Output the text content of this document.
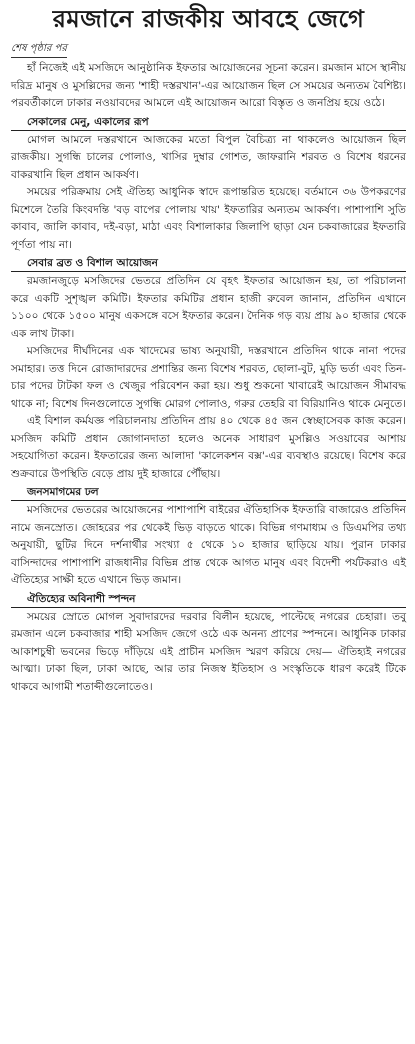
রমজানে রাজকীয় আবহে জেগে
শেষ পৃষ্ঠার পর

হাঁ নিজেই এই মসজিদে আনুষ্ঠানিক ইফতার আয়োজনের সূচনা করেন। রমজান মাসে স্থানীয় দরিদ্র মানুষ ও মুসল্লিদের জন্য 'শাহী দস্তরখান'-এর আয়োজন ছিল সে সময়ের অন্যতম বৈশিষ্ট্য। পরবর্তীকালে ঢাকার নওয়াবদের আমলে এই আয়োজন আরো বিস্তৃত ও জনপ্রিয় হয়ে ওঠে।

সেকালের মেনু, একালের রূপ

মোগল আমলে দস্তরখানে আজকের মতো বিপুল বৈচিত্র্য না থাকলেও আয়োজন ছিল রাজকীয়। সুগন্ধি চালের পোলাও, খাসির দুম্বার গোশত, জাফরানি শরবত ও বিশেষ ধরনের বাকরখানি ছিল প্রধান আকর্ষণ।

সময়ের পরিক্রমায় সেই ঐতিহ্য আধুনিক স্বাদে রূপান্তরিত হয়েছে। বর্তমানে ৩৬ উপকরণের মিশেলে তৈরি কিংবদন্তি 'বড় বাপের পোলায় খায়' ইফতারির অন্যতম আকর্ষণ। পাশাপাশি সুতি কাবাব, জালি কাবাব, দই-বড়া, মাঠা এবং বিশালাকার জিলাপি ছাড়া যেন চকবাজারের ইফতারি পূর্ণতা পায় না।

সেবার ব্রত ও বিশাল আয়োজন

রমজানজুড়ে মসজিদের ভেতরে প্রতিদিন যে বৃহৎ ইফতার আয়োজন হয়, তা পরিচালনা করে একটি সুশৃঙ্খল কমিটি। ইফতার কমিটির প্রধান হাজী রুবেল জানান, প্রতিদিন এখানে ১১০০ থেকে ১৫০০ মানুষ একসঙ্গে বসে ইফতার করেন। দৈনিক গড় ব্যয় প্রায় ৯০ হাজার থেকে এক লাখ টাকা।

মসজিদের দীর্ঘদিনের এক খাদেমের ভাষ্য অনুযায়ী, দস্তরখানে প্রতিদিন থাকে নানা পদের সমাহার। তত্ত দিনে রোজাদারদের প্রশান্তির জন্য বিশেষ শরবত, ছোলা-বুট, মুড়ি ভর্তা এবং তিন-চার পদের টাটকা ফল ও খেজুর পরিবেশন করা হয়। শুধু শুকনো খাবারেই আয়োজন সীমাবদ্ধ থাকে না; বিশেষ দিনগুলোতে সুগন্ধি মোরগ পোলাও, গরুর তেহরি বা বিরিয়ানিও থাকে মেনুতে।

এই বিশাল কর্মযজ্ঞ পরিচালনায় প্রতিদিন প্রায় ৪০ থেকে ৪৫ জন স্বেচ্ছাসেবক কাজ করেন। মসজিদ কমিটি প্রধান জোগানদাতা হলেও অনেক সাধারণ মুসল্লিও সওয়াবের আশায় সহযোগিতা করেন। ইফতারের জন্য আলাদা 'কালেকশন বক্স'-এর ব্যবস্থাও রয়েছে। বিশেষ করে শুক্রবারে উপস্থিতি বেড়ে প্রায় দুই হাজারে পৌঁছায়।

জনসমাগমের ঢল

মসজিদের ভেতরের আয়োজনের পাশাপাশি বাইরের ঐতিহাসিক ইফতারি বাজারেও প্রতিদিন নামে জনস্রোত। জোহরের পর থেকেই ভিড় বাড়তে থাকে। বিভিন্ন গণমাধ্যম ও ডিএমপির তথ্য অনুযায়ী, ছুটির দিনে দর্শনার্থীর সংখ্যা ৫ থেকে ১০ হাজার ছাড়িয়ে যায়। পুরান ঢাকার বাসিন্দাদের পাশাপাশি রাজধানীর বিভিন্ন প্রান্ত থেকে আগত মানুষ এবং বিদেশী পর্যটকরাও এই ঐতিহ্যের সাক্ষী হতে এখানে ভিড় জমান।

ঐতিহ্যের অবিনাশী স্পন্দন

সময়ের স্রোতে মোগল সুবাদারদের দরবার বিলীন হয়েছে, পাল্টেছে নগরের চেহারা। তবু রমজান এলে চকবাজার শাহী মসজিদ জেগে ওঠে এক অনন্য প্রাণের স্পন্দনে। আধুনিক ঢাকার আকাশচুম্বী ভবনের ভিড়ে দাঁড়িয়ে এই প্রাচীন মসজিদ স্মরণ করিয়ে দেয়— ঐতিহ্যই নগরের আত্মা। ঢাকা ছিল, ঢাকা আছে, আর তার নিজস্ব ইতিহাস ও সংস্কৃতিকে ধারণ করেই টিকে থাকবে আগামী শতাব্দীগুলোতেও।
